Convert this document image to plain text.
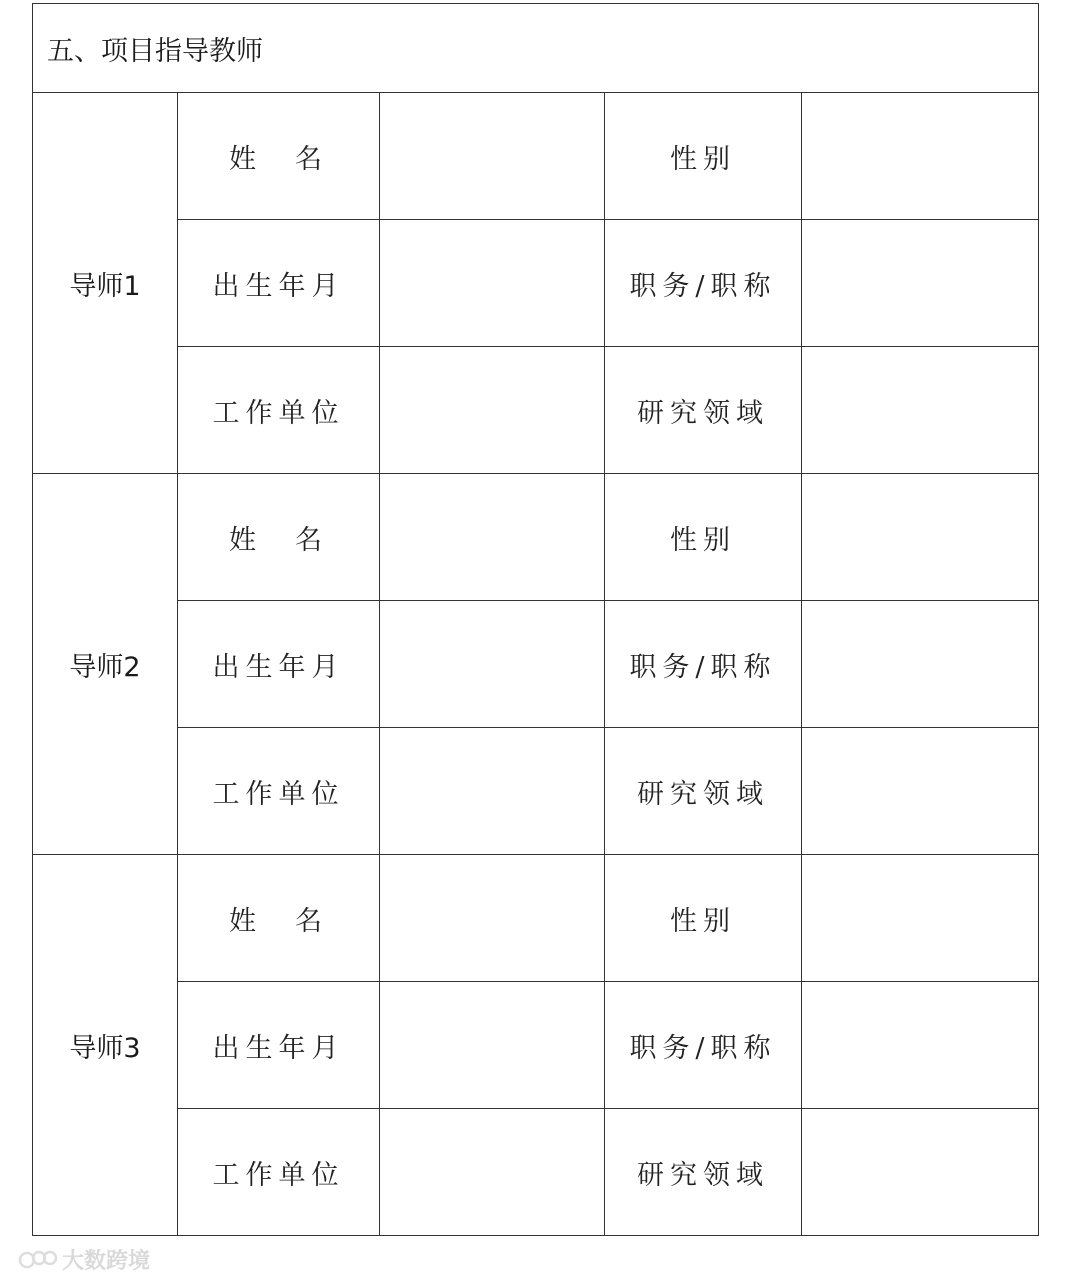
五、项目指导教师				
导师1	姓　名		性别	
	出生年月		职务/职称	
	工作单位		研究领域	
导师2	姓　名		性别	
	出生年月		职务/职称	
	工作单位		研究领域	
导师3	姓　名		性别	
	出生年月		职务/职称	
	工作单位		研究领域	
大数跨境
